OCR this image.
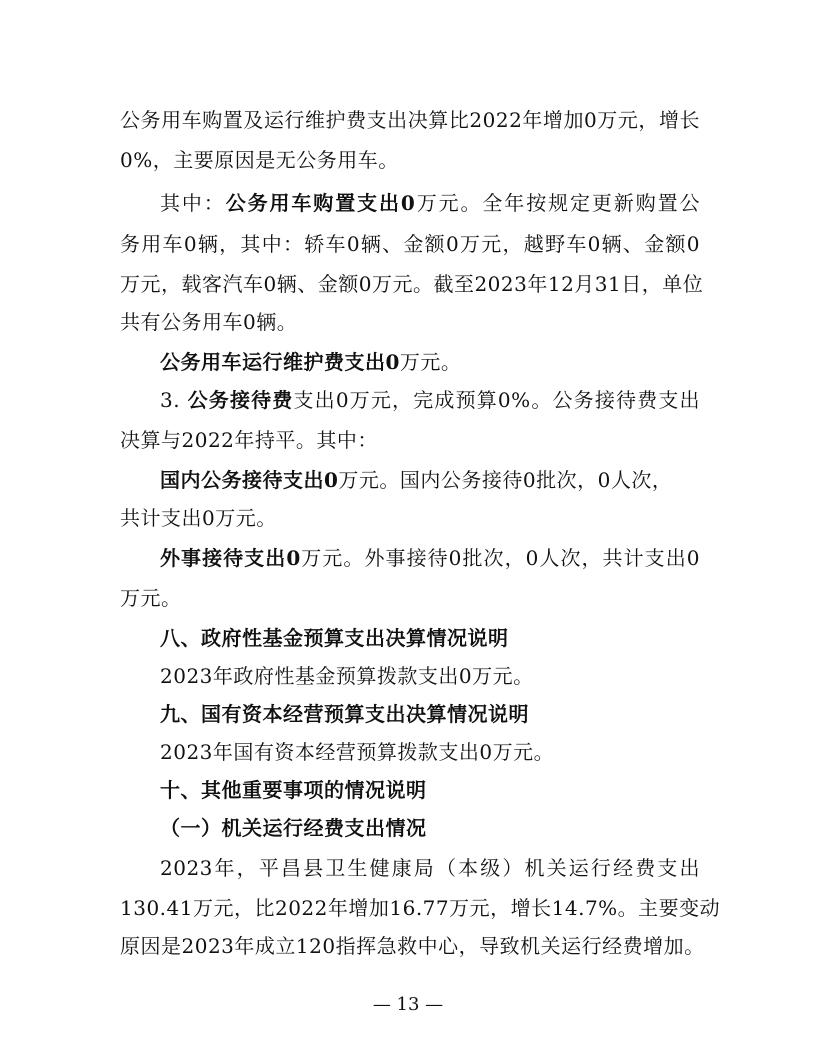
公务用车购置及运行维护费支出决算比2022年增加0万元，增长
0%，主要原因是无公务用车。
其中：公务用车购置支出0万元。全年按规定更新购置公
务用车0辆，其中：轿车0辆、金额0万元，越野车0辆、金额0
万元，载客汽车0辆、金额0万元。截至2023年12月31日，单位
共有公务用车0辆。
公务用车运行维护费支出0万元。
3. 公务接待费支出0万元，完成预算0%。公务接待费支出
决算与2022年持平。其中：
国内公务接待支出0万元。国内公务接待0批次，0人次，
共计支出0万元。
外事接待支出0万元。外事接待0批次，0人次，共计支出0
万元。
八、政府性基金预算支出决算情况说明
2023年政府性基金预算拨款支出0万元。
九、国有资本经营预算支出决算情况说明
2023年国有资本经营预算拨款支出0万元。
十、其他重要事项的情况说明
（一）机关运行经费支出情况
2023年，平昌县卫生健康局（本级）机关运行经费支出
130.41万元，比2022年增加16.77万元，增长14.7%。主要变动
原因是2023年成立120指挥急救中心，导致机关运行经费增加。
— 13 —
